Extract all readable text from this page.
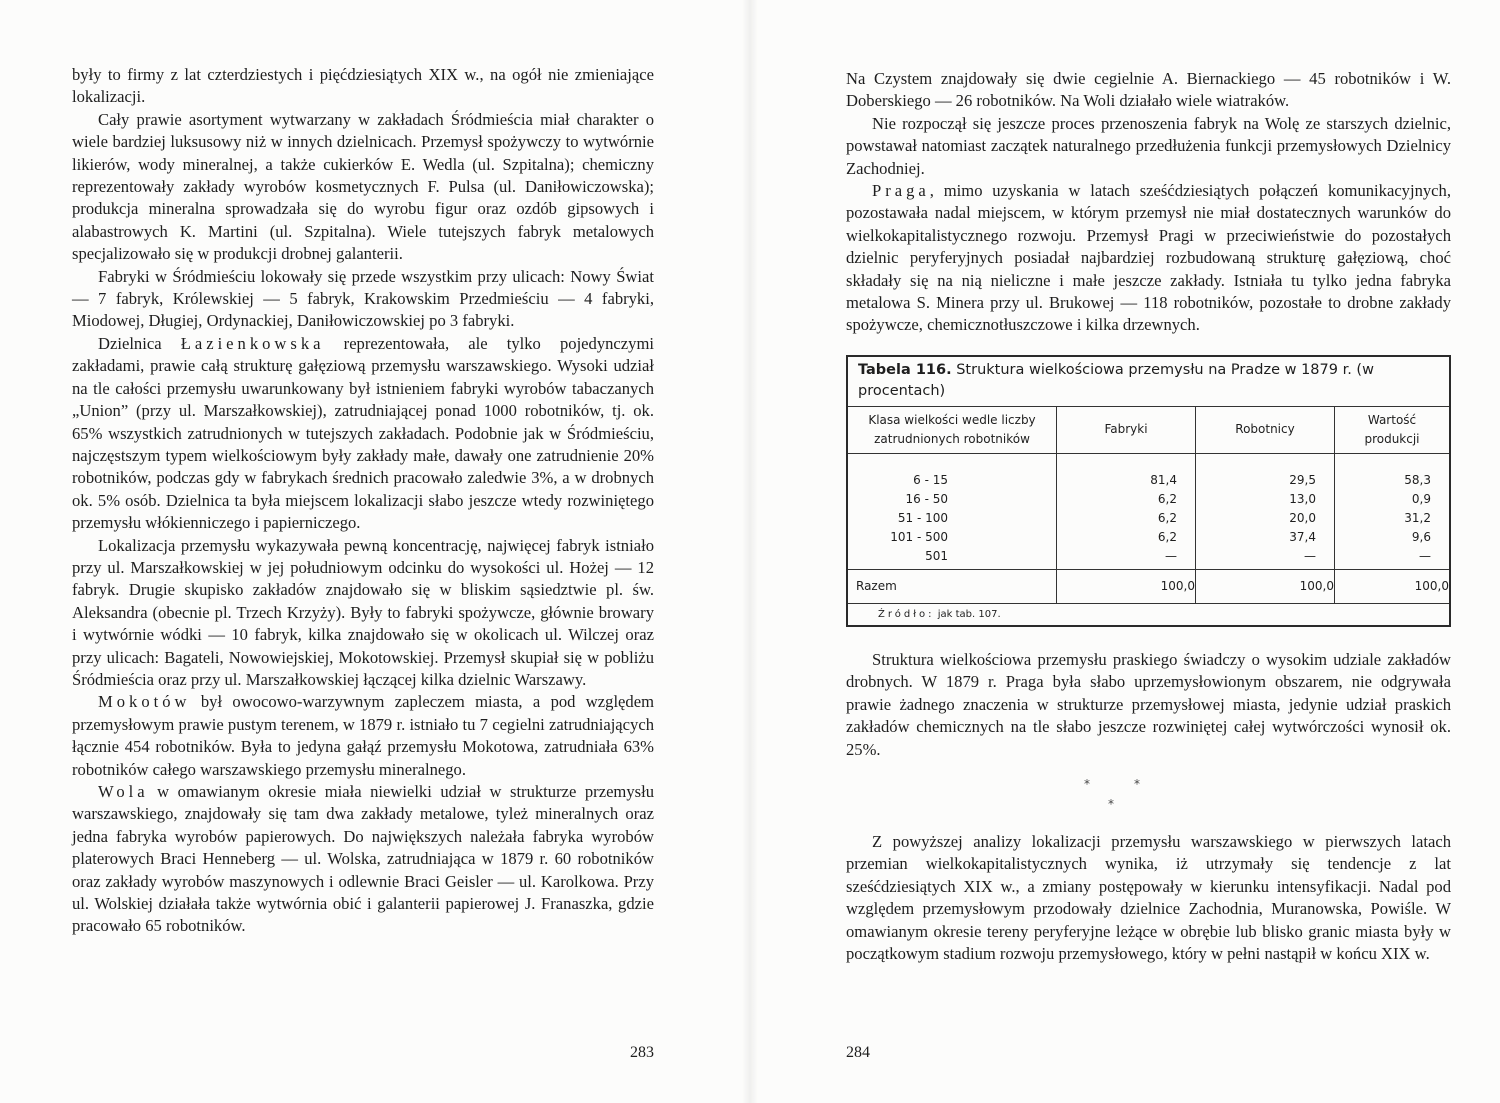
były to firmy z lat czterdziestych i pięćdziesiątych XIX w., na ogół nie zmieniające lokalizacji.

Cały prawie asortyment wytwarzany w zakładach Śródmieścia miał charakter o wiele bardziej luksusowy niż w innych dzielnicach. Przemysł spożywczy to wytwórnie likierów, wody mineralnej, a także cukierków E. Wedla (ul. Szpitalna); chemiczny reprezentowały zakłady wyrobów kosmetycznych F. Pulsa (ul. Daniłowiczowska); produkcja mineralna sprowadzała się do wyrobu figur oraz ozdób gipsowych i alabastrowych K. Martini (ul. Szpitalna). Wiele tutejszych fabryk metalowych specjalizowało się w produkcji drobnej galanterii.

Fabryki w Śródmieściu lokowały się przede wszystkim przy ulicach: Nowy Świat — 7 fabryk, Królewskiej — 5 fabryk, Krakowskim Przedmieściu — 4 fabryki, Miodowej, Długiej, Ordynackiej, Daniłowiczowskiej po 3 fabryki.

Dzielnica Łazienkowska reprezentowała, ale tylko pojedynczymi zakładami, prawie całą strukturę gałęziową przemysłu warszawskiego. Wysoki udział na tle całości przemysłu uwarunkowany był istnieniem fabryki wyrobów tabaczanych „Union” (przy ul. Marszałkowskiej), zatrudniającej ponad 1000 robotników, tj. ok. 65% wszystkich zatrudnionych w tutejszych zakładach. Podobnie jak w Śródmieściu, najczęstszym typem wielkościowym były zakłady małe, dawały one zatrudnienie 20% robotników, podczas gdy w fabrykach średnich pracowało zaledwie 3%, a w drobnych ok. 5% osób. Dzielnica ta była miejscem lokalizacji słabo jeszcze wtedy rozwiniętego przemysłu włókienniczego i papierniczego.

Lokalizacja przemysłu wykazywała pewną koncentrację, najwięcej fabryk istniało przy ul. Marszałkowskiej w jej południowym odcinku do wysokości ul. Hożej — 12 fabryk. Drugie skupisko zakładów znajdowało się w bliskim sąsiedztwie pl. św. Aleksandra (obecnie pl. Trzech Krzyży). Były to fabryki spożywcze, głównie browary i wytwórnie wódki — 10 fabryk, kilka znajdowało się w okolicach ul. Wilczej oraz przy ulicach: Bagateli, Nowowiejskiej, Mokotowskiej. Przemysł skupiał się w pobliżu Śródmieścia oraz przy ul. Marszałkowskiej łączącej kilka dzielnic Warszawy.

Mokotów był owocowo-warzywnym zapleczem miasta, a pod względem przemysłowym prawie pustym terenem, w 1879 r. istniało tu 7 cegielni zatrudniających łącznie 454 robotników. Była to jedyna gałąź przemysłu Mokotowa, zatrudniała 63% robotników całego warszawskiego przemysłu mineralnego.

Wola w omawianym okresie miała niewielki udział w strukturze przemysłu warszawskiego, znajdowały się tam dwa zakłady metalowe, tyleż mineralnych oraz jedna fabryka wyrobów papierowych. Do największych należała fabryka wyrobów platerowych Braci Henneberg — ul. Wolska, zatrudniająca w 1879 r. 60 robotników oraz zakłady wyrobów maszynowych i odlewnie Braci Geisler — ul. Karolkowa. Przy ul. Wolskiej działała także wytwórnia obić i galanterii papierowej J. Franaszka, gdzie pracowało 65 robotników.

283

Na Czystem znajdowały się dwie cegielnie A. Biernackiego — 45 robotników i W. Doberskiego — 26 robotników. Na Woli działało wiele wiatraków.

Nie rozpoczął się jeszcze proces przenoszenia fabryk na Wolę ze starszych dzielnic, powstawał natomiast zaczątek naturalnego przedłużenia funkcji przemysłowych Dzielnicy Zachodniej.

Praga, mimo uzyskania w latach sześćdziesiątych połączeń komunikacyjnych, pozostawała nadal miejscem, w którym przemysł nie miał dostatecznych warunków do wielkokapitalistycznego rozwoju. Przemysł Pragi w przeciwieństwie do pozostałych dzielnic peryferyjnych posiadał najbardziej rozbudowaną strukturę gałęziową, choć składały się na nią nieliczne i małe jeszcze zakłady. Istniała tu tylko jedna fabryka metalowa S. Minera przy ul. Brukowej — 118 robotników, pozostałe to drobne zakłady spożywcze, chemicznotłuszczowe i kilka drzewnych.

Tabela 116. Struktura wielkościowa przemysłu na Pradze w 1879 r. (w procentach)
Klasa wielkości wedle liczby zatrudnionych robotników	Fabryki	Robotnicy	Wartość produkcji
6 - 15	81,4	29,5	58,3
16 - 50	6,2	13,0	0,9
51 - 100	6,2	20,0	31,2
101 - 500	6,2	37,4	9,6
501	—	—	—
Razem	100,0	100,0	100,0
Źródło: jak tab. 107.

Struktura wielkościowa przemysłu praskiego świadczy o wysokim udziale zakładów drobnych. W 1879 r. Praga była słabo uprzemysłowionym obszarem, nie odgrywała prawie żadnego znaczenia w strukturze przemysłowej miasta, jedynie udział praskich zakładów chemicznych na tle słabo jeszcze rozwiniętej całej wytwórczości wynosił ok. 25%.

*	*
*

Z powyższej analizy lokalizacji przemysłu warszawskiego w pierwszych latach przemian wielkokapitalistycznych wynika, iż utrzymały się tendencje z lat sześćdziesiątych XIX w., a zmiany postępowały w kierunku intensyfikacji. Nadal pod względem przemysłowym przodowały dzielnice Zachodnia, Muranowska, Powiśle. W omawianym okresie tereny peryferyjne leżące w obrębie lub blisko granic miasta były w początkowym stadium rozwoju przemysłowego, który w pełni nastąpił w końcu XIX w.

284
